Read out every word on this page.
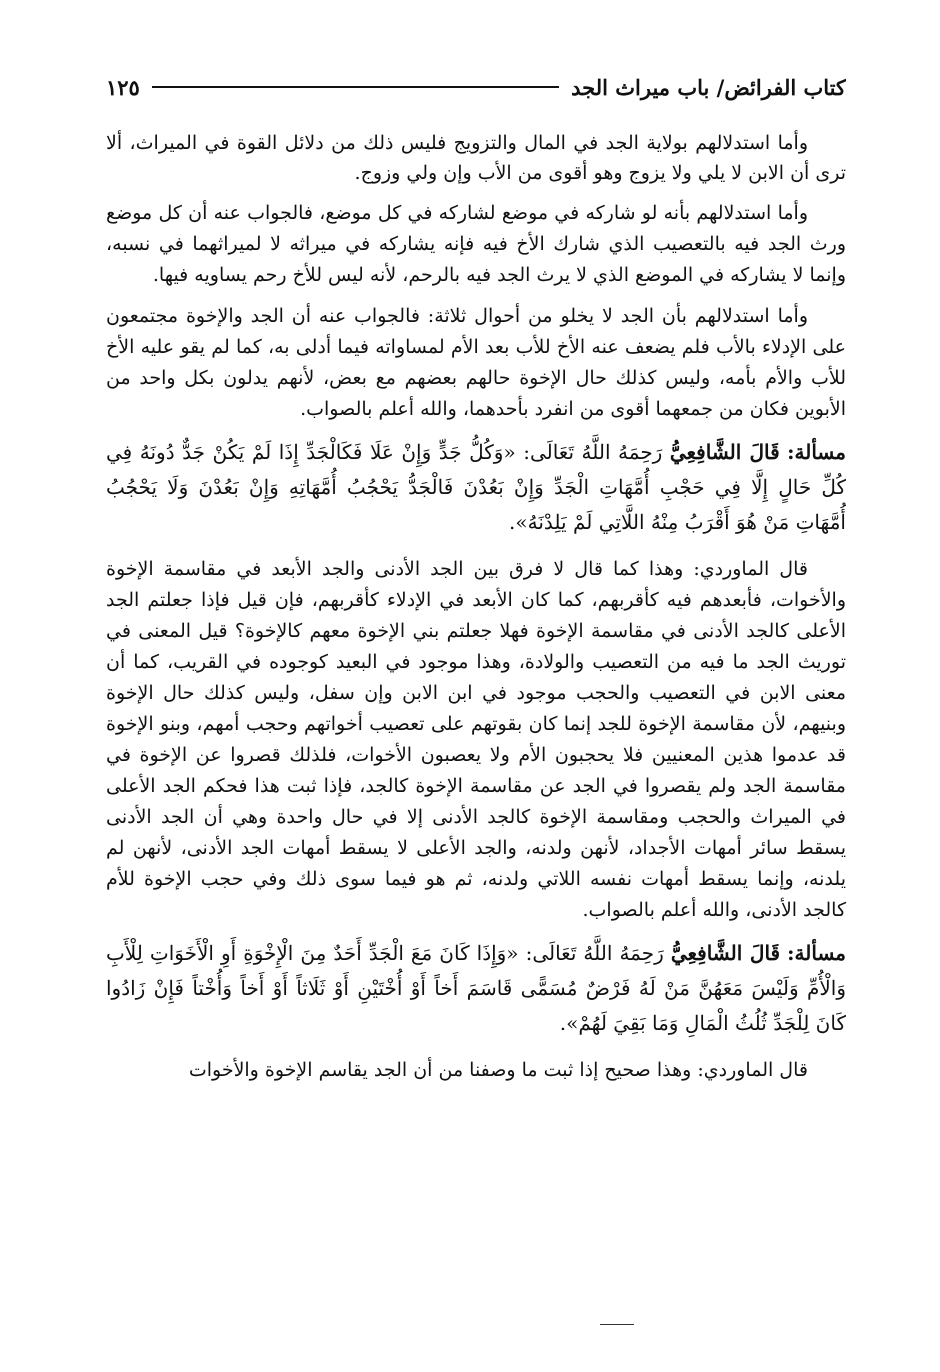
كتاب الفرائض/ باب ميراث الجد
١٢٥

وأما استدلالهم بولاية الجد في المال والتزويج فليس ذلك من دلائل القوة في الميراث، ألا ترى أن الابن لا يلي ولا يزوج وهو أقوى من الأب وإن ولي وزوج.

وأما استدلالهم بأنه لو شاركه في موضع لشاركه في كل موضع، فالجواب عنه أن كل موضع ورث الجد فيه بالتعصيب الذي شارك الأخ فيه فإنه يشاركه في ميراثه لا لميراثهما في نسبه، وإنما لا يشاركه في الموضع الذي لا يرث الجد فيه بالرحم، لأنه ليس للأخ رحم يساويه فيها.

وأما استدلالهم بأن الجد لا يخلو من أحوال ثلاثة: فالجواب عنه أن الجد والإخوة مجتمعون على الإدلاء بالأب فلم يضعف عنه الأخ للأب بعد الأم لمساواته فيما أدلى به، كما لم يقو عليه الأخ للأب والأم بأمه، وليس كذلك حال الإخوة حالهم بعضهم مع بعض، لأنهم يدلون بكل واحد من الأبوين فكان من جمعهما أقوى من انفرد بأحدهما، والله أعلم بالصواب.

مسألة: قَالَ الشَّافِعِيُّ رَحِمَهُ اللَّهُ تَعَالَى: «وَكُلُّ جَدٍّ وَإِنْ عَلَا فَكَالْجَدِّ إِذَا لَمْ يَكُنْ جَدٌّ دُونَهُ فِي كُلِّ حَالٍ إِلَّا فِي حَجْبِ أُمَّهَاتِ الْجَدِّ وَإِنْ بَعُدْنَ فَالْجَدُّ يَحْجُبُ أُمَّهَاتِهِ وَإِنْ بَعُدْنَ وَلَا يَحْجُبُ أُمَّهَاتِ مَنْ هُوَ أَقْرَبُ مِنْهُ اللَّاتِي لَمْ يَلِدْنَهُ».

قال الماوردي: وهذا كما قال لا فرق بين الجد الأدنى والجد الأبعد في مقاسمة الإخوة والأخوات، فأبعدهم فيه كأقربهم، كما كان الأبعد في الإدلاء كأقربهم، فإن قيل فإذا جعلتم الجد الأعلى كالجد الأدنى في مقاسمة الإخوة فهلا جعلتم بني الإخوة معهم كالإخوة؟ قيل المعنى في توريث الجد ما فيه من التعصيب والولادة، وهذا موجود في البعيد كوجوده في القريب، كما أن معنى الابن في التعصيب والحجب موجود في ابن الابن وإن سفل، وليس كذلك حال الإخوة وبنيهم، لأن مقاسمة الإخوة للجد إنما كان بقوتهم على تعصيب أخواتهم وحجب أمهم، وبنو الإخوة قد عدموا هذين المعنيين فلا يحجبون الأم ولا يعصبون الأخوات، فلذلك قصروا عن الإخوة في مقاسمة الجد ولم يقصروا في الجد عن مقاسمة الإخوة كالجد، فإذا ثبت هذا فحكم الجد الأعلى في الميراث والحجب ومقاسمة الإخوة كالجد الأدنى إلا في حال واحدة وهي أن الجد الأدنى يسقط سائر أمهات الأجداد، لأنهن ولدنه، والجد الأعلى لا يسقط أمهات الجد الأدنى، لأنهن لم يلدنه، وإنما يسقط أمهات نفسه اللاتي ولدنه، ثم هو فيما سوى ذلك وفي حجب الإخوة للأم كالجد الأدنى، والله أعلم بالصواب.

مسألة: قَالَ الشَّافِعِيُّ رَحِمَهُ اللَّهُ تَعَالَى: «وَإِذَا كَانَ مَعَ الْجَدِّ أَحَدٌ مِنَ الْإِخْوَةِ أَوِ الْأَخَوَاتِ لِلْأَبِ وَالْأُمِّ وَلَيْسَ مَعَهُنَّ مَنْ لَهُ فَرْضٌ مُسَمًّى قَاسَمَ أَخاً أَوْ أُخْتَيْنِ أَوْ ثَلَاثاً أَوْ أَخاً وَأُخْتاً فَإِنْ زَادُوا كَانَ لِلْجَدِّ ثُلُثُ الْمَالِ وَمَا بَقِيَ لَهُمْ».

قال الماوردي: وهذا صحيح إذا ثبت ما وصفنا من أن الجد يقاسم الإخوة والأخوات
